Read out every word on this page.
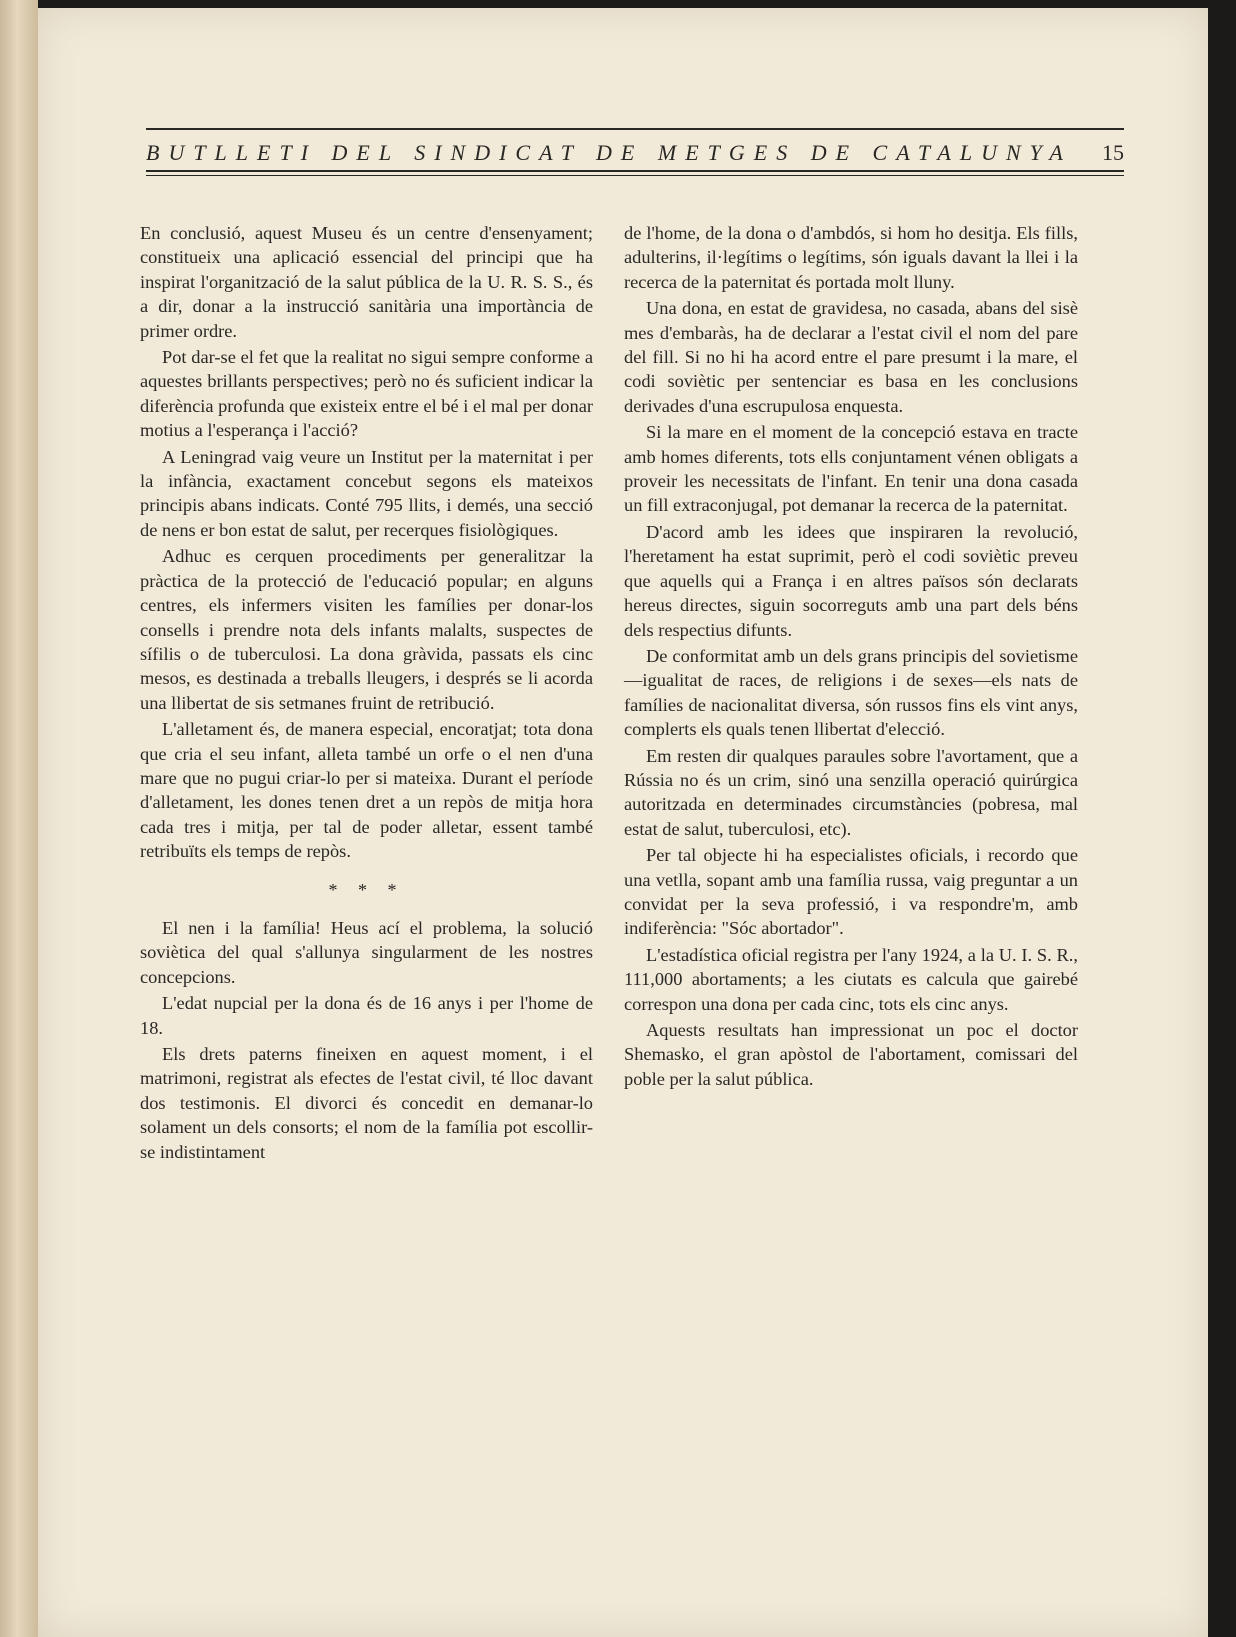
BUTLLETI DEL SINDICAT DE METGES DE CATALUNYA 15

En conclusió, aquest Museu és un centre d'ensenyament; constitueix una aplicació essencial del principi que ha inspirat l'organització de la salut pública de la U. R. S. S., és a dir, donar a la instrucció sanitària una importància de primer ordre.

Pot dar-se el fet que la realitat no sigui sempre conforme a aquestes brillants perspectives; però no és suficient indicar la diferència profunda que existeix entre el bé i el mal per donar motius a l'esperança i l'acció?

A Leningrad vaig veure un Institut per la maternitat i per la infància, exactament concebut segons els mateixos principis abans indicats. Conté 795 llits, i demés, una secció de nens er bon estat de salut, per recerques fisiològiques.

Adhuc es cerquen procediments per generalitzar la pràctica de la protecció de l'educació popular; en alguns centres, els infermers visiten les famílies per donar-los consells i prendre nota dels infants malalts, suspectes de sífilis o de tuberculosi. La dona gràvida, passats els cinc mesos, es destinada a treballs lleugers, i després se li acorda una llibertat de sis setmanes fruint de retribució.

L'alletament és, de manera especial, encoratjat; tota dona que cria el seu infant, alleta també un orfe o el nen d'una mare que no pugui criar-lo per si mateixa. Durant el període d'alletament, les dones tenen dret a un repòs de mitja hora cada tres i mitja, per tal de poder alletar, essent també retribuïts els temps de repòs.

* * *

El nen i la família! Heus ací el problema, la solució soviètica del qual s'allunya singularment de les nostres concepcions.

L'edat nupcial per la dona és de 16 anys i per l'home de 18.

Els drets paterns fineixen en aquest moment, i el matrimoni, registrat als efectes de l'estat civil, té lloc davant dos testimonis. El divorci és concedit en demanar-lo solament un dels consorts; el nom de la família pot escollir-se indistintament

de l'home, de la dona o d'ambdós, si hom ho desitja. Els fills, adulterins, il·legítims o legítims, són iguals davant la llei i la recerca de la paternitat és portada molt lluny.

Una dona, en estat de gravidesa, no casada, abans del sisè mes d'embaràs, ha de declarar a l'estat civil el nom del pare del fill. Si no hi ha acord entre el pare presumt i la mare, el codi soviètic per sentenciar es basa en les conclusions derivades d'una escrupulosa enquesta.

Si la mare en el moment de la concepció estava en tracte amb homes diferents, tots ells conjuntament vénen obligats a proveir les necessitats de l'infant. En tenir una dona casada un fill extraconjugal, pot demanar la recerca de la paternitat.

D'acord amb les idees que inspiraren la revolució, l'heretament ha estat suprimit, però el codi soviètic preveu que aquells qui a França i en altres països són declarats hereus directes, siguin socorreguts amb una part dels béns dels respectius difunts.

De conformitat amb un dels grans principis del sovietisme—igualitat de races, de religions i de sexes—els nats de famílies de nacionalitat diversa, són russos fins els vint anys, complerts els quals tenen llibertat d'elecció.

Em resten dir qualques paraules sobre l'avortament, que a Rússia no és un crim, sinó una senzilla operació quirúrgica autoritzada en determinades circumstàncies (pobresa, mal estat de salut, tuberculosi, etc).

Per tal objecte hi ha especialistes oficials, i recordo que una vetlla, sopant amb una família russa, vaig preguntar a un convidat per la seva professió, i va respondre'm, amb indiferència: "Sóc abortador".

L'estadística oficial registra per l'any 1924, a la U. I. S. R., 111,000 abortaments; a les ciutats es calcula que gairebé correspon una dona per cada cinc, tots els cinc anys.

Aquests resultats han impressionat un poc el doctor Shemasko, el gran apòstol de l'abortament, comissari del poble per la salut pública.
